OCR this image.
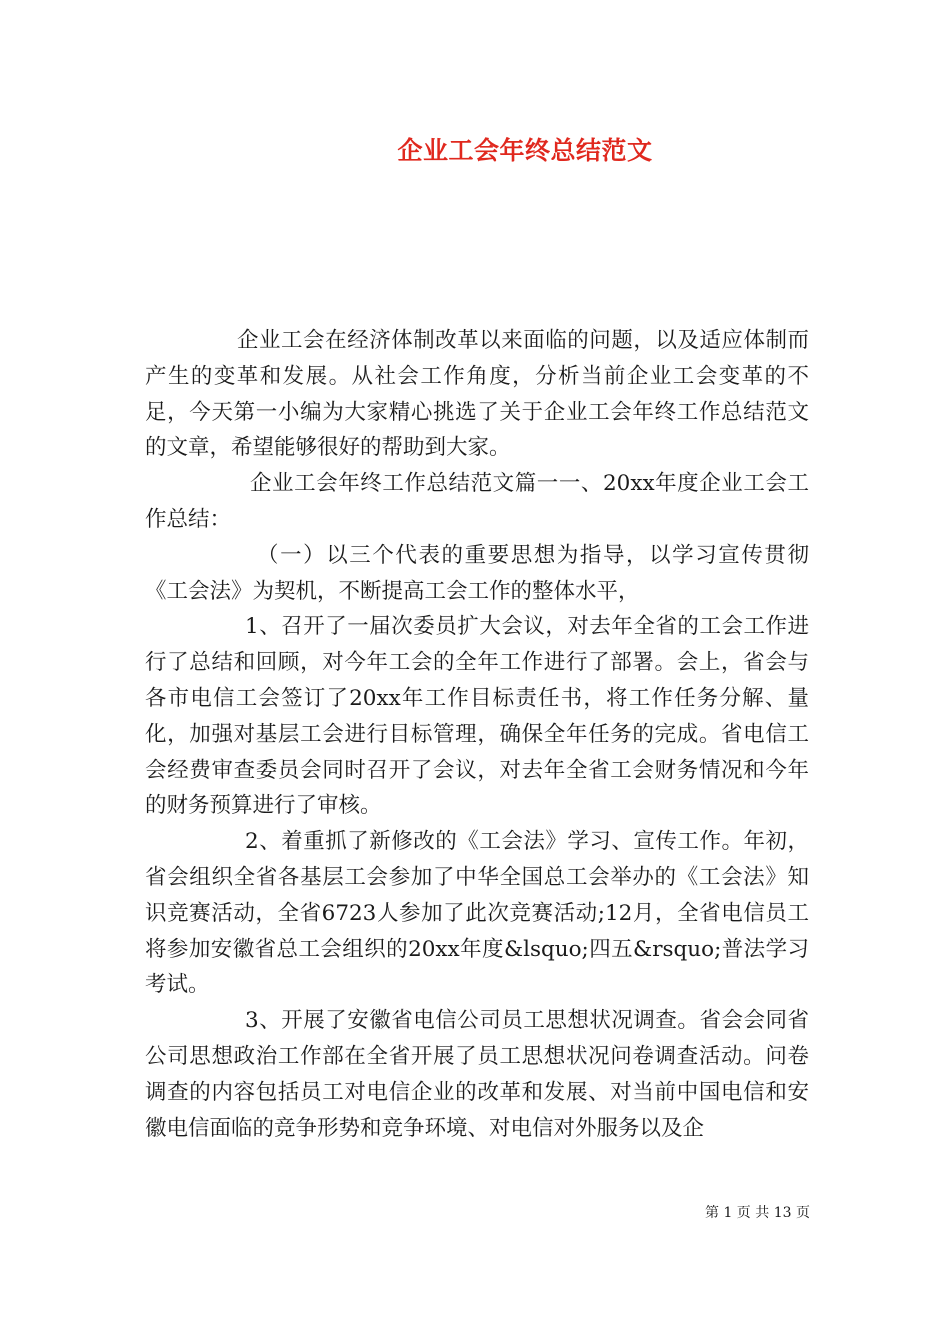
企业工会年终总结范文

企业工会在经济体制改革以来面临的问题，以及适应体制而产生的变革和发展。从社会工作角度，分析当前企业工会变革的不足，今天第一小编为大家精心挑选了关于企业工会年终工作总结范文的文章，希望能够很好的帮助到大家。

企业工会年终工作总结范文篇一一、20xx年度企业工会工作总结：

（一）以三个代表的重要思想为指导，以学习宣传贯彻《工会法》为契机，不断提高工会工作的整体水平，

1、召开了一届次委员扩大会议，对去年全省的工会工作进行了总结和回顾，对今年工会的全年工作进行了部署。会上，省会与各市电信工会签订了20xx年工作目标责任书，将工作任务分解、量化，加强对基层工会进行目标管理，确保全年任务的完成。省电信工会经费审查委员会同时召开了会议，对去年全省工会财务情况和今年的财务预算进行了审核。

2、着重抓了新修改的《工会法》学习、宣传工作。年初，省会组织全省各基层工会参加了中华全国总工会举办的《工会法》知识竞赛活动，全省6723人参加了此次竞赛活动;12月，全省电信员工将参加安徽省总工会组织的20xx年度&lsquo;四五&rsquo;普法学习考试。

3、开展了安徽省电信公司员工思想状况调查。省会会同省公司思想政治工作部在全省开展了员工思想状况问卷调查活动。问卷调查的内容包括员工对电信企业的改革和发展、对当前中国电信和安徽电信面临的竞争形势和竞争环境、对电信对外服务以及企

第 1 页 共 13 页
